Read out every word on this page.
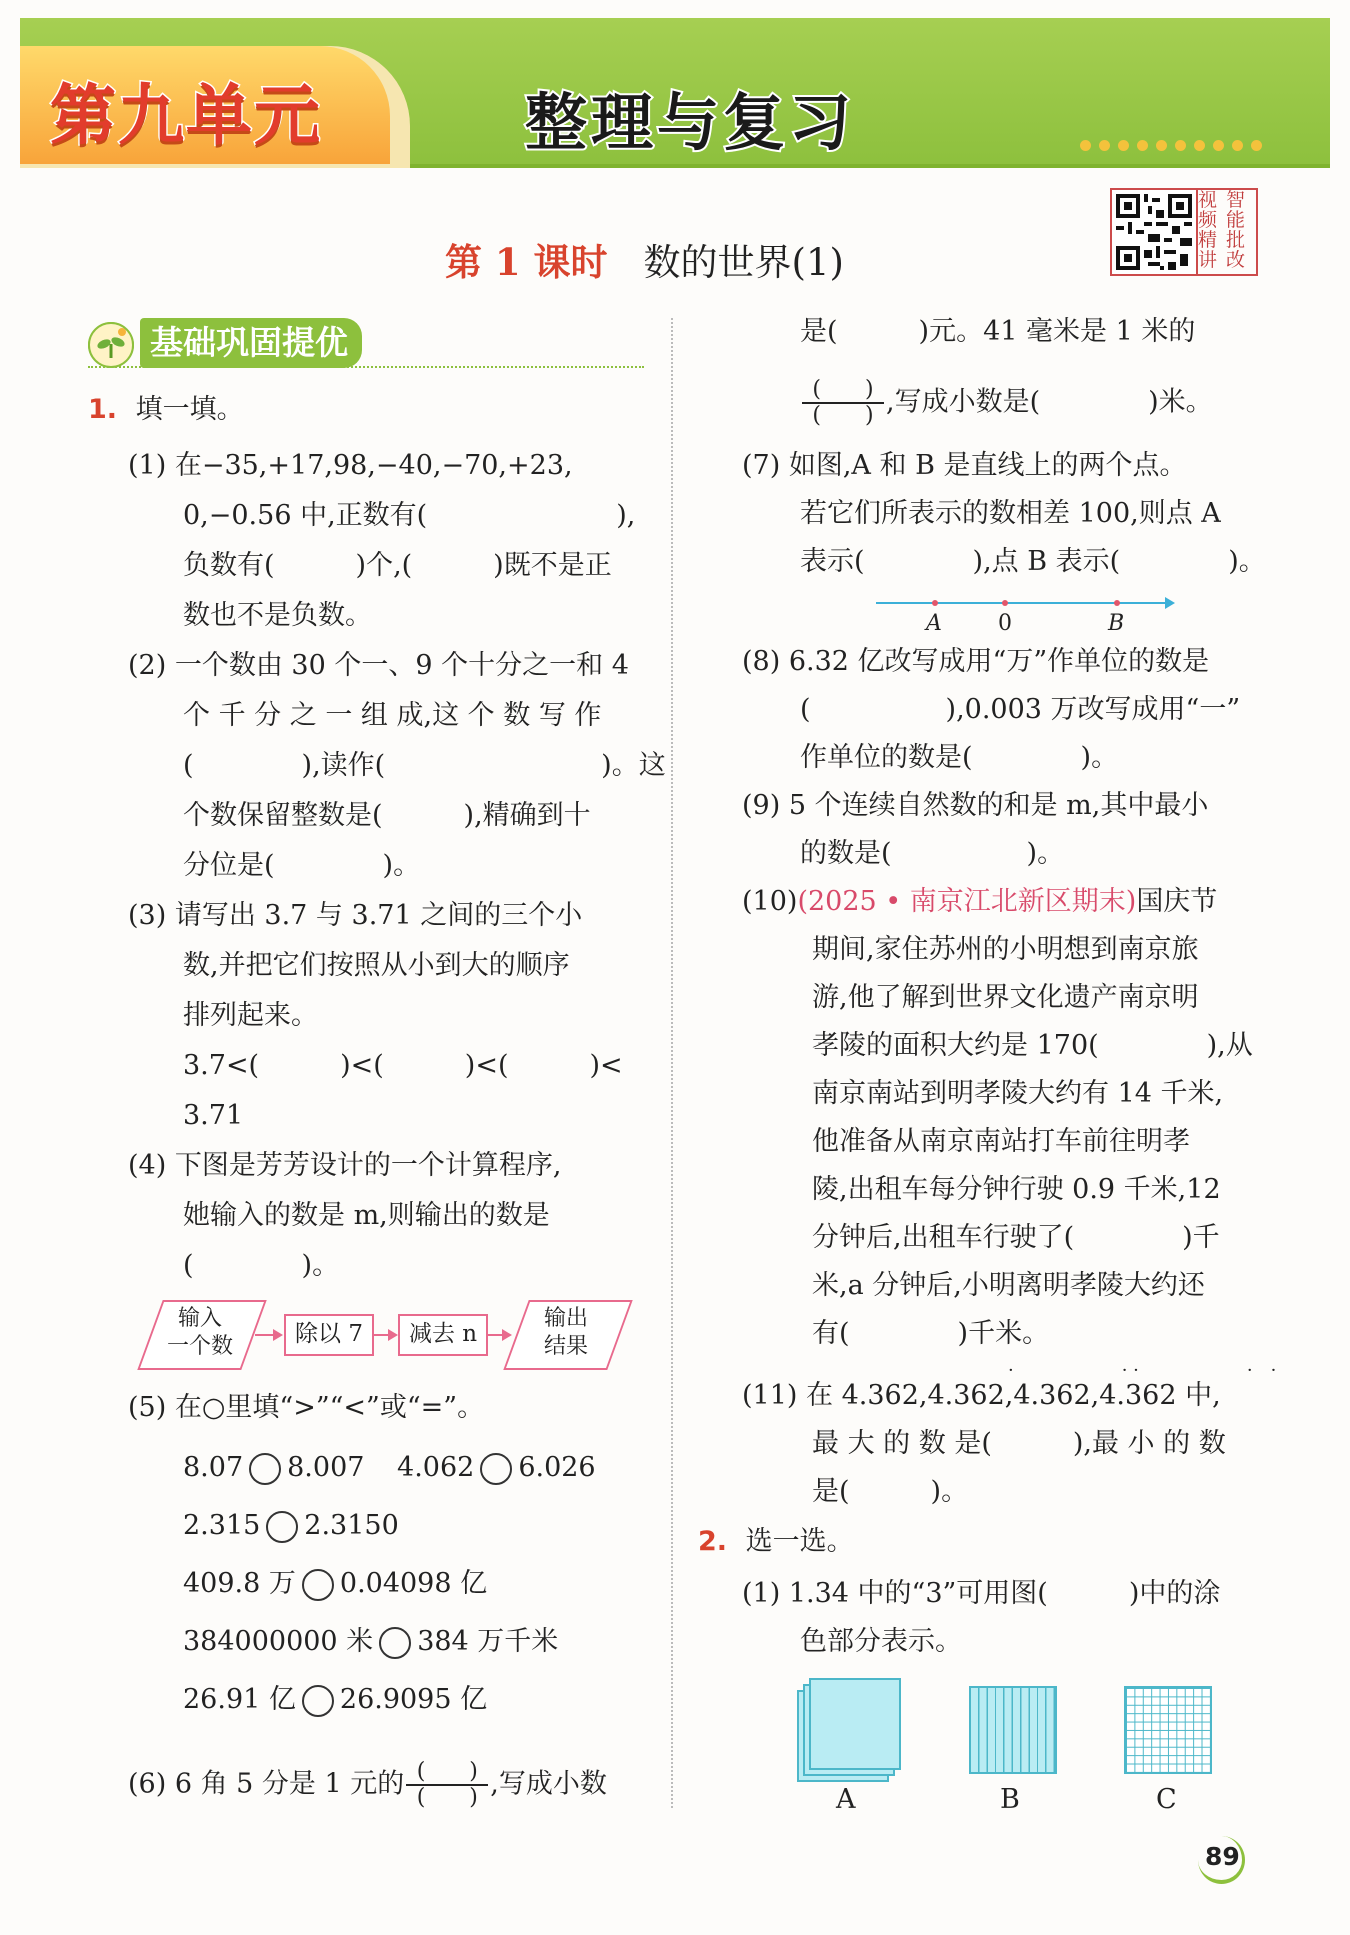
第九单元	整理与复习
第 1 课时 数的世界(1)
视频精讲
智能批改
基础巩固提优
1. 填一填。
(1) 在−35,+17,98,−40,−70,+23,
0,−0.56 中,正数有(　　　　　　　),
负数有(　　　)个,(　　　)既不是正
数也不是负数。
(2) 一个数由 30 个一、9 个十分之一和 4
个 千 分 之 一 组 成,这 个 数 写 作
(　　　　),读作(　　　　　　　　)。这
个数保留整数是(　　　),精确到十
分位是(　　　　)。
(3) 请写出 3.7 与 3.71 之间的三个小
数,并把它们按照从小到大的顺序
排列起来。
3.7<(　　　)<(　　　)<(　　　)<
3.71
(4) 下图是芳芳设计的一个计算程序,
她输入的数是 m,则输出的数是
(　　　　)。
输入
一个数	除以 7	减去 n
输出
结果
(5) 在○里填“>”“<”或“=”。
8.07 8.007 4.062 6.026
2.315 2.3150
409.8 万 0.04098 亿
384000000 米 384 万千米
26.91 亿 26.9095 亿
(6) 6 角 5 分是 1 元的$\frac{( )}{( )}$,写成小数
是(　　　)元。41 毫米是 1 米的
$\frac{( )}{( )}$,写成小数是(　　　　)米。
(7) 如图,A 和 B 是直线上的两个点。
若它们所表示的数相差 100,则点 A
表示(　　　　),点 B 表示(　　　　)。
A	0	B
(8) 6.32 亿改写成用“万”作单位的数是
(　　　　　),0.003 万改写成用“一”
作单位的数是(　　　　)。
(9) 5 个连续自然数的和是 m,其中最小
的数是(　　　　　)。
(10)(2025 • 南京江北新区期末)国庆节
期间,家住苏州的小明想到南京旅
游,他了解到世界文化遗产南京明
孝陵的面积大约是 170(　　　　),从
南京南站到明孝陵大约有 14 千米,
他准备从南京南站打车前往明孝
陵,出租车每分钟行驶 0.9 千米,12
分钟后,出租车行驶了(　　　　)千
米,a 分钟后,小明离明孝陵大约还
有(　　　　)千米。
·　　　　　　· ·　　　　　　·　·
(11) 在 4.362,4.362,4.362,4.362 中,
最 大 的 数 是(　　　),最 小 的 数
是(　　　)。
2. 选一选。
(1) 1.34 中的“3”可用图(　　　)中的涂
色部分表示。
A	B	C
89
